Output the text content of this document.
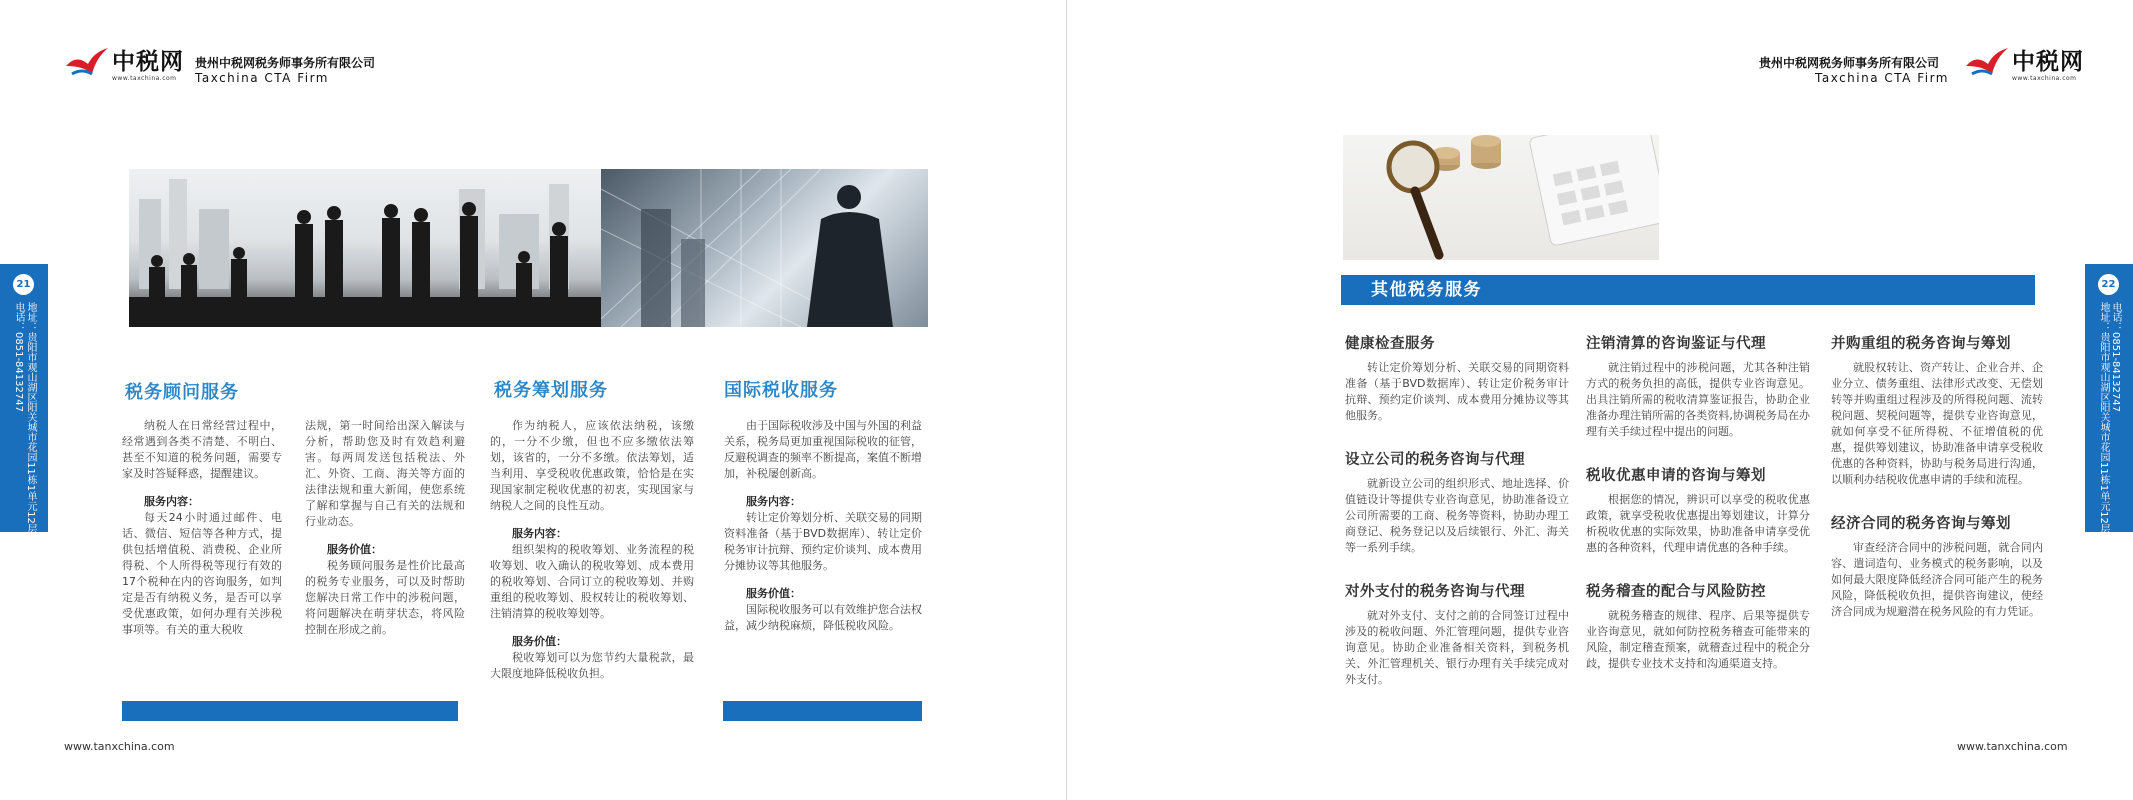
中税网
www.taxchina.com
贵州中税网税务师事务所有限公司
Taxchina CTA Firm
税务顾问服务

纳税人在日常经营过程中，经常遇到各类不清楚、不明白、甚至不知道的税务问题，需要专家及时答疑释惑，提醒建议。

服务内容：

每天24小时通过邮件、电话、微信、短信等各种方式，提供包括增值税、消费税、企业所得税、个人所得税等现行有效的17个税种在内的咨询服务，如判定是否有纳税义务，是否可以享受优惠政策，如何办理有关涉税事项等。有关的重大税收

法规，第一时间给出深入解读与分析，帮助您及时有效趋利避害。每两周发送包括税法、外汇、外资、工商、海关等方面的法律法规和重大新闻，使您系统了解和掌握与自己有关的法规和行业动态。

服务价值：

税务顾问服务是性价比最高的税务专业服务，可以及时帮助您解决日常工作中的涉税问题，将问题解决在萌芽状态，将风险控制在形成之前。

税务筹划服务

作为纳税人，应该依法纳税，该缴的，一分不少缴，但也不应多缴依法筹划，该省的，一分不多缴。依法筹划，适当利用、享受税收优惠政策，恰恰是在实现国家制定税收优惠的初衷，实现国家与纳税人之间的良性互动。

服务内容：

组织架构的税收筹划、业务流程的税收筹划、收入确认的税收筹划、成本费用的税收筹划、合同订立的税收筹划、并购重组的税收筹划、股权转让的税收筹划、注销清算的税收筹划等。

服务价值：

税收筹划可以为您节约大量税款，最大限度地降低税收负担。

国际税收服务

由于国际税收涉及中国与外国的利益关系，税务局更加重视国际税收的征管，反避税调查的频率不断提高，案值不断增加，补税屡创新高。

服务内容：

转让定价筹划分析、关联交易的同期资料准备（基于BVD数据库）、转让定价税务审计抗辩、预约定价谈判、成本费用分摊协议等其他服务。

服务价值：

国际税收服务可以有效维护您合法权益，减少纳税麻烦，降低税收风险。

21
电话：0851-84132747 地址：贵阳市观山湖区阳关城市花园11栋1单元12层
www.tanxchina.com
贵州中税网税务师事务所有限公司
Taxchina CTA Firm
中税网
www.taxchina.com
其他税务服务
健康检查服务

转让定价筹划分析、关联交易的同期资料准备（基于BVD数据库）、转让定价税务审计抗辩、预约定价谈判、成本费用分摊协议等其他服务。

设立公司的税务咨询与代理

就新设立公司的组织形式、地址选择、价值链设计等提供专业咨询意见，协助准备设立公司所需要的工商、税务等资料，协助办理工商登记、税务登记以及后续银行、外汇、海关等一系列手续。

对外支付的税务咨询与代理

就对外支付、支付之前的合同签订过程中涉及的税收问题、外汇管理问题，提供专业咨询意见。协助企业准备相关资料，到税务机关、外汇管理机关、银行办理有关手续完成对外支付。

注销清算的咨询鉴证与代理

就注销过程中的涉税问题，尤其各种注销方式的税务负担的高低，提供专业咨询意见。出具注销所需的税收清算鉴证报告，协助企业准备办理注销所需的各类资料,协调税务局在办理有关手续过程中提出的问题。

税收优惠申请的咨询与筹划

根据您的情况，辨识可以享受的税收优惠政策，就享受税收优惠提出筹划建议，计算分析税收优惠的实际效果，协助准备申请享受优惠的各种资料，代理申请优惠的各种手续。

税务稽查的配合与风险防控

就税务稽查的规律、程序、后果等提供专业咨询意见，就如何防控税务稽查可能带来的风险，制定稽查预案，就稽查过程中的税企分歧，提供专业技术支持和沟通渠道支持。

并购重组的税务咨询与筹划

就股权转让、资产转让、企业合并、企业分立、债务重组、法律形式改变、无偿划转等并购重组过程涉及的所得税问题、流转税问题、契税问题等，提供专业咨询意见，就如何享受不征所得税、不征增值税的优惠，提供筹划建议，协助准备申请享受税收优惠的各种资料，协助与税务局进行沟通，以顺利办结税收优惠申请的手续和流程。

经济合同的税务咨询与筹划

审查经济合同中的涉税问题，就合同内容、遣词造句、业务模式的税务影响，以及如何最大限度降低经济合同可能产生的税务风险，降低税收负担，提供咨询建议，使经济合同成为规避潜在税务风险的有力凭证。

22
地址：贵阳市观山湖区阳关城市花园11栋1单元12层 电话：0851-84132747
www.tanxchina.com
